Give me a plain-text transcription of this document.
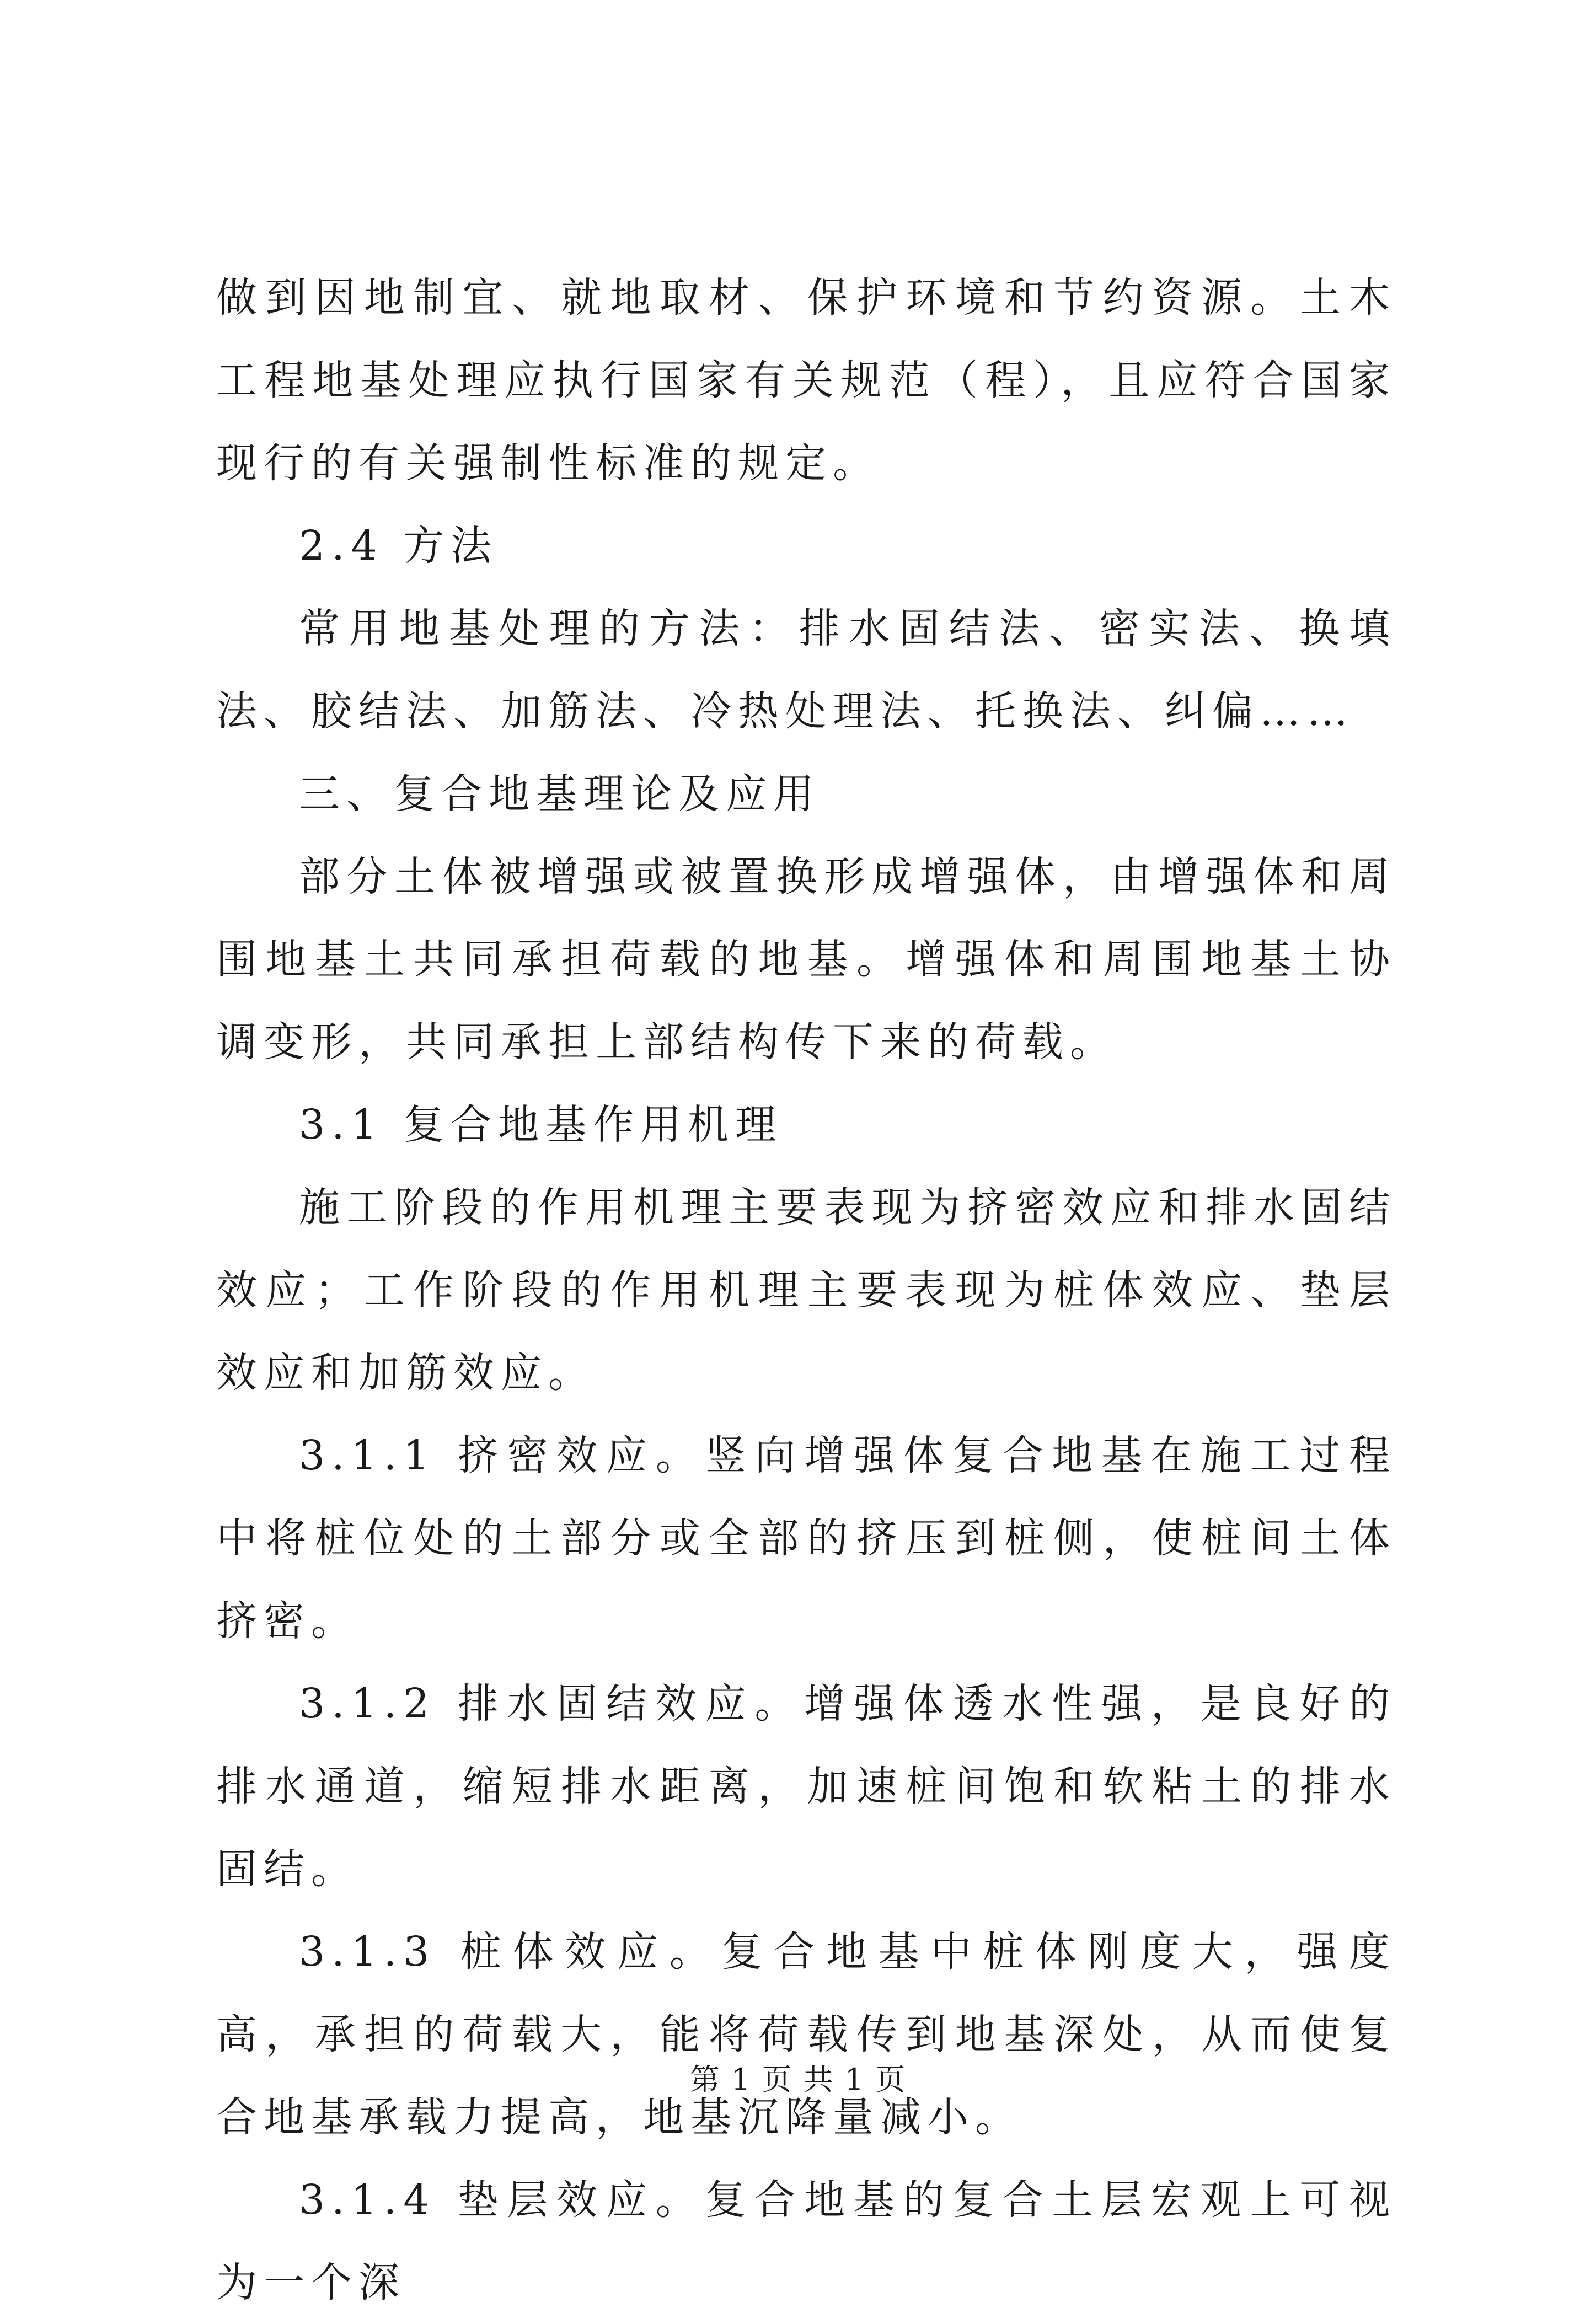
做到因地制宜、就地取材、保护环境和节约资源。土木工程地基处理应执行国家有关规范（程），且应符合国家现行的有关强制性标准的规定。

2.4 方法

常用地基处理的方法：排水固结法、密实法、换填法、胶结法、加筋法、冷热处理法、托换法、纠偏……

三、复合地基理论及应用

部分土体被增强或被置换形成增强体，由增强体和周围地基土共同承担荷载的地基。增强体和周围地基土协调变形，共同承担上部结构传下来的荷载。

3.1 复合地基作用机理

施工阶段的作用机理主要表现为挤密效应和排水固结效应；工作阶段的作用机理主要表现为桩体效应、垫层效应和加筋效应。

3.1.1 挤密效应。竖向增强体复合地基在施工过程中将桩位处的土部分或全部的挤压到桩侧，使桩间土体挤密。

3.1.2 排水固结效应。增强体透水性强，是良好的排水通道，缩短排水距离，加速桩间饱和软粘土的排水固结。

3.1.3 桩体效应。复合地基中桩体刚度大，强度高，承担的荷载大，能将荷载传到地基深处，从而使复合地基承载力提高，地基沉降量减小。

3.1.4 垫层效应。复合地基的复合土层宏观上可视为一个深

第 1 页 共 1 页
